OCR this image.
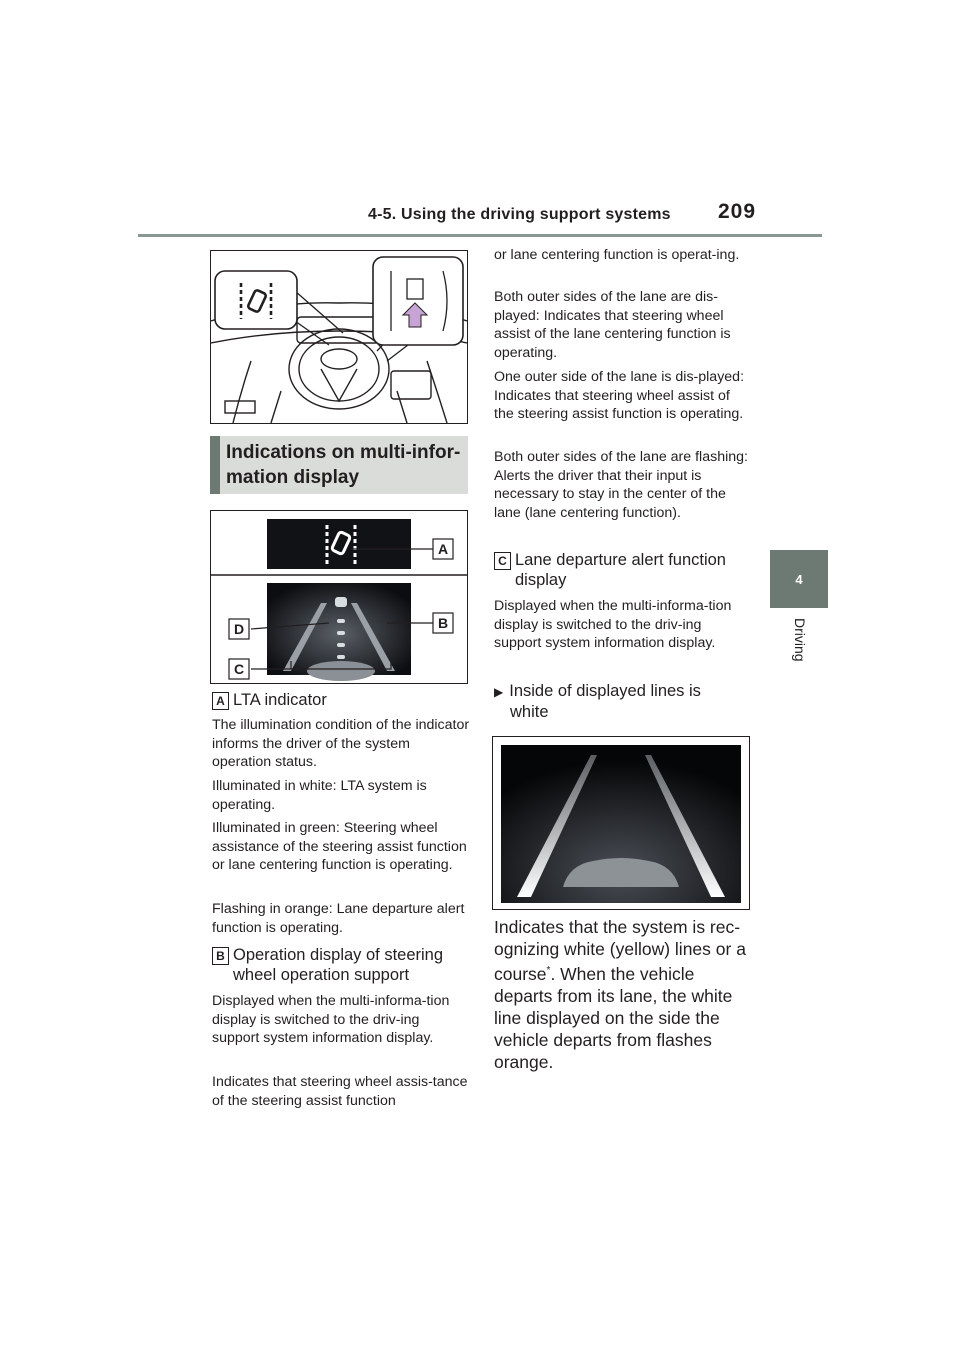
4-5. Using the driving support systems 209
4
Driving
Indications on multi-infor-
mation display
A
B
D
C
A LTA indicator
The illumination condition of the indicator informs the driver of the system operation status.
Illuminated in white: LTA system is operating.
Illuminated in green: Steering wheel assistance of the steering assist function or lane centering function is operating.
Flashing in orange: Lane departure alert function is operating.
B Operation display of steering
wheel operation support
Displayed when the multi-informa-tion display is switched to the driv-ing support system information display.
Indicates that steering wheel assis-tance of the steering assist function
or lane centering function is operat-ing.
Both outer sides of the lane are dis-played: Indicates that steering wheel assist of the lane centering function is operating.
One outer side of the lane is dis-played: Indicates that steering wheel assist of the steering assist function is operating.
Both outer sides of the lane are flashing: Alerts the driver that their input is necessary to stay in the center of the lane (lane centering function).
C Lane departure alert function
display
Displayed when the multi-informa-tion display is switched to the driv-ing support system information display.
▶ Inside of displayed lines is
white
Indicates that the system is rec-ognizing white (yellow) lines or a course*. When the vehicle departs from its lane, the white line displayed on the side the vehicle departs from flashes orange.
